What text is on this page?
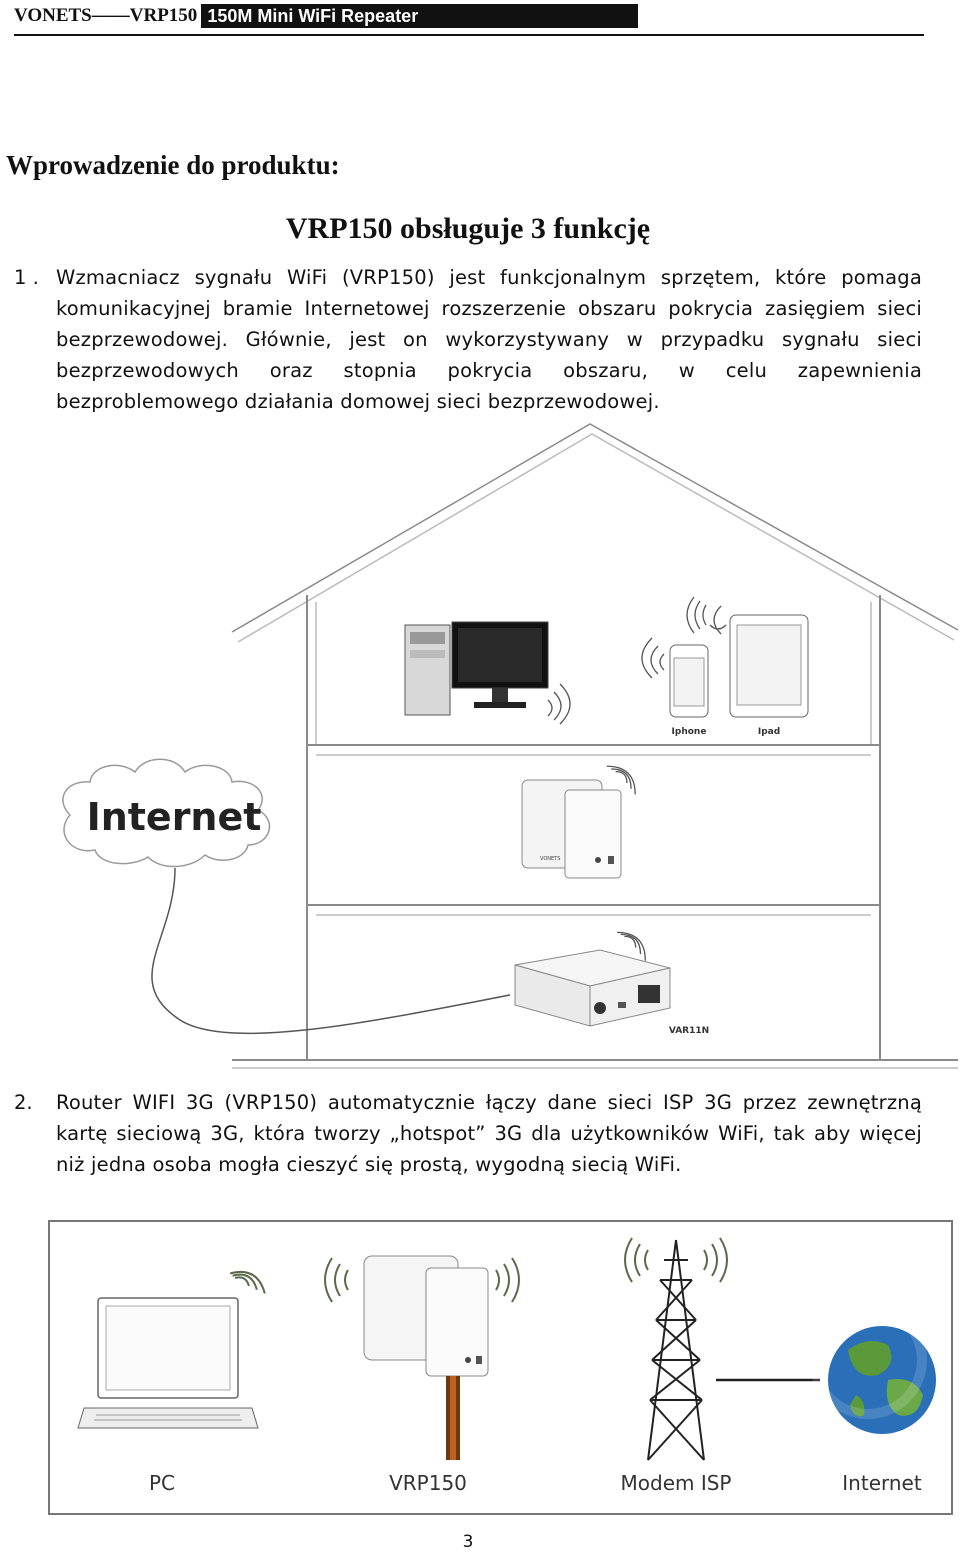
VONETS——VRP150 150M Mini WiFi Repeater
Wprowadzenie do produktu:
VRP150 obsługuje 3 funkcję
1 . Wzmacniacz sygnału WiFi (VRP150) jest funkcjonalnym sprzętem, które pomaga komunikacyjnej bramie Internetowej rozszerzenie obszaru pokrycia zasięgiem sieci bezprzewodowej. Głównie, jest on wykorzystywany w przypadku sygnału sieci bezprzewodowych oraz stopnia pokrycia obszaru, w celu zapewnienia bezproblemowego działania domowej sieci bezprzewodowej.
Internet
Iphone	Ipad
VONETS
VAR11N
2. Router WIFI 3G (VRP150) automatycznie łączy dane sieci ISP 3G przez zewnętrzną kartę sieciową 3G, która tworzy „hotspot” 3G dla użytkowników WiFi, tak aby więcej niż jedna osoba mogła cieszyć się prostą, wygodną siecią WiFi.
PC	VRP150	Modem ISP	Internet
3
